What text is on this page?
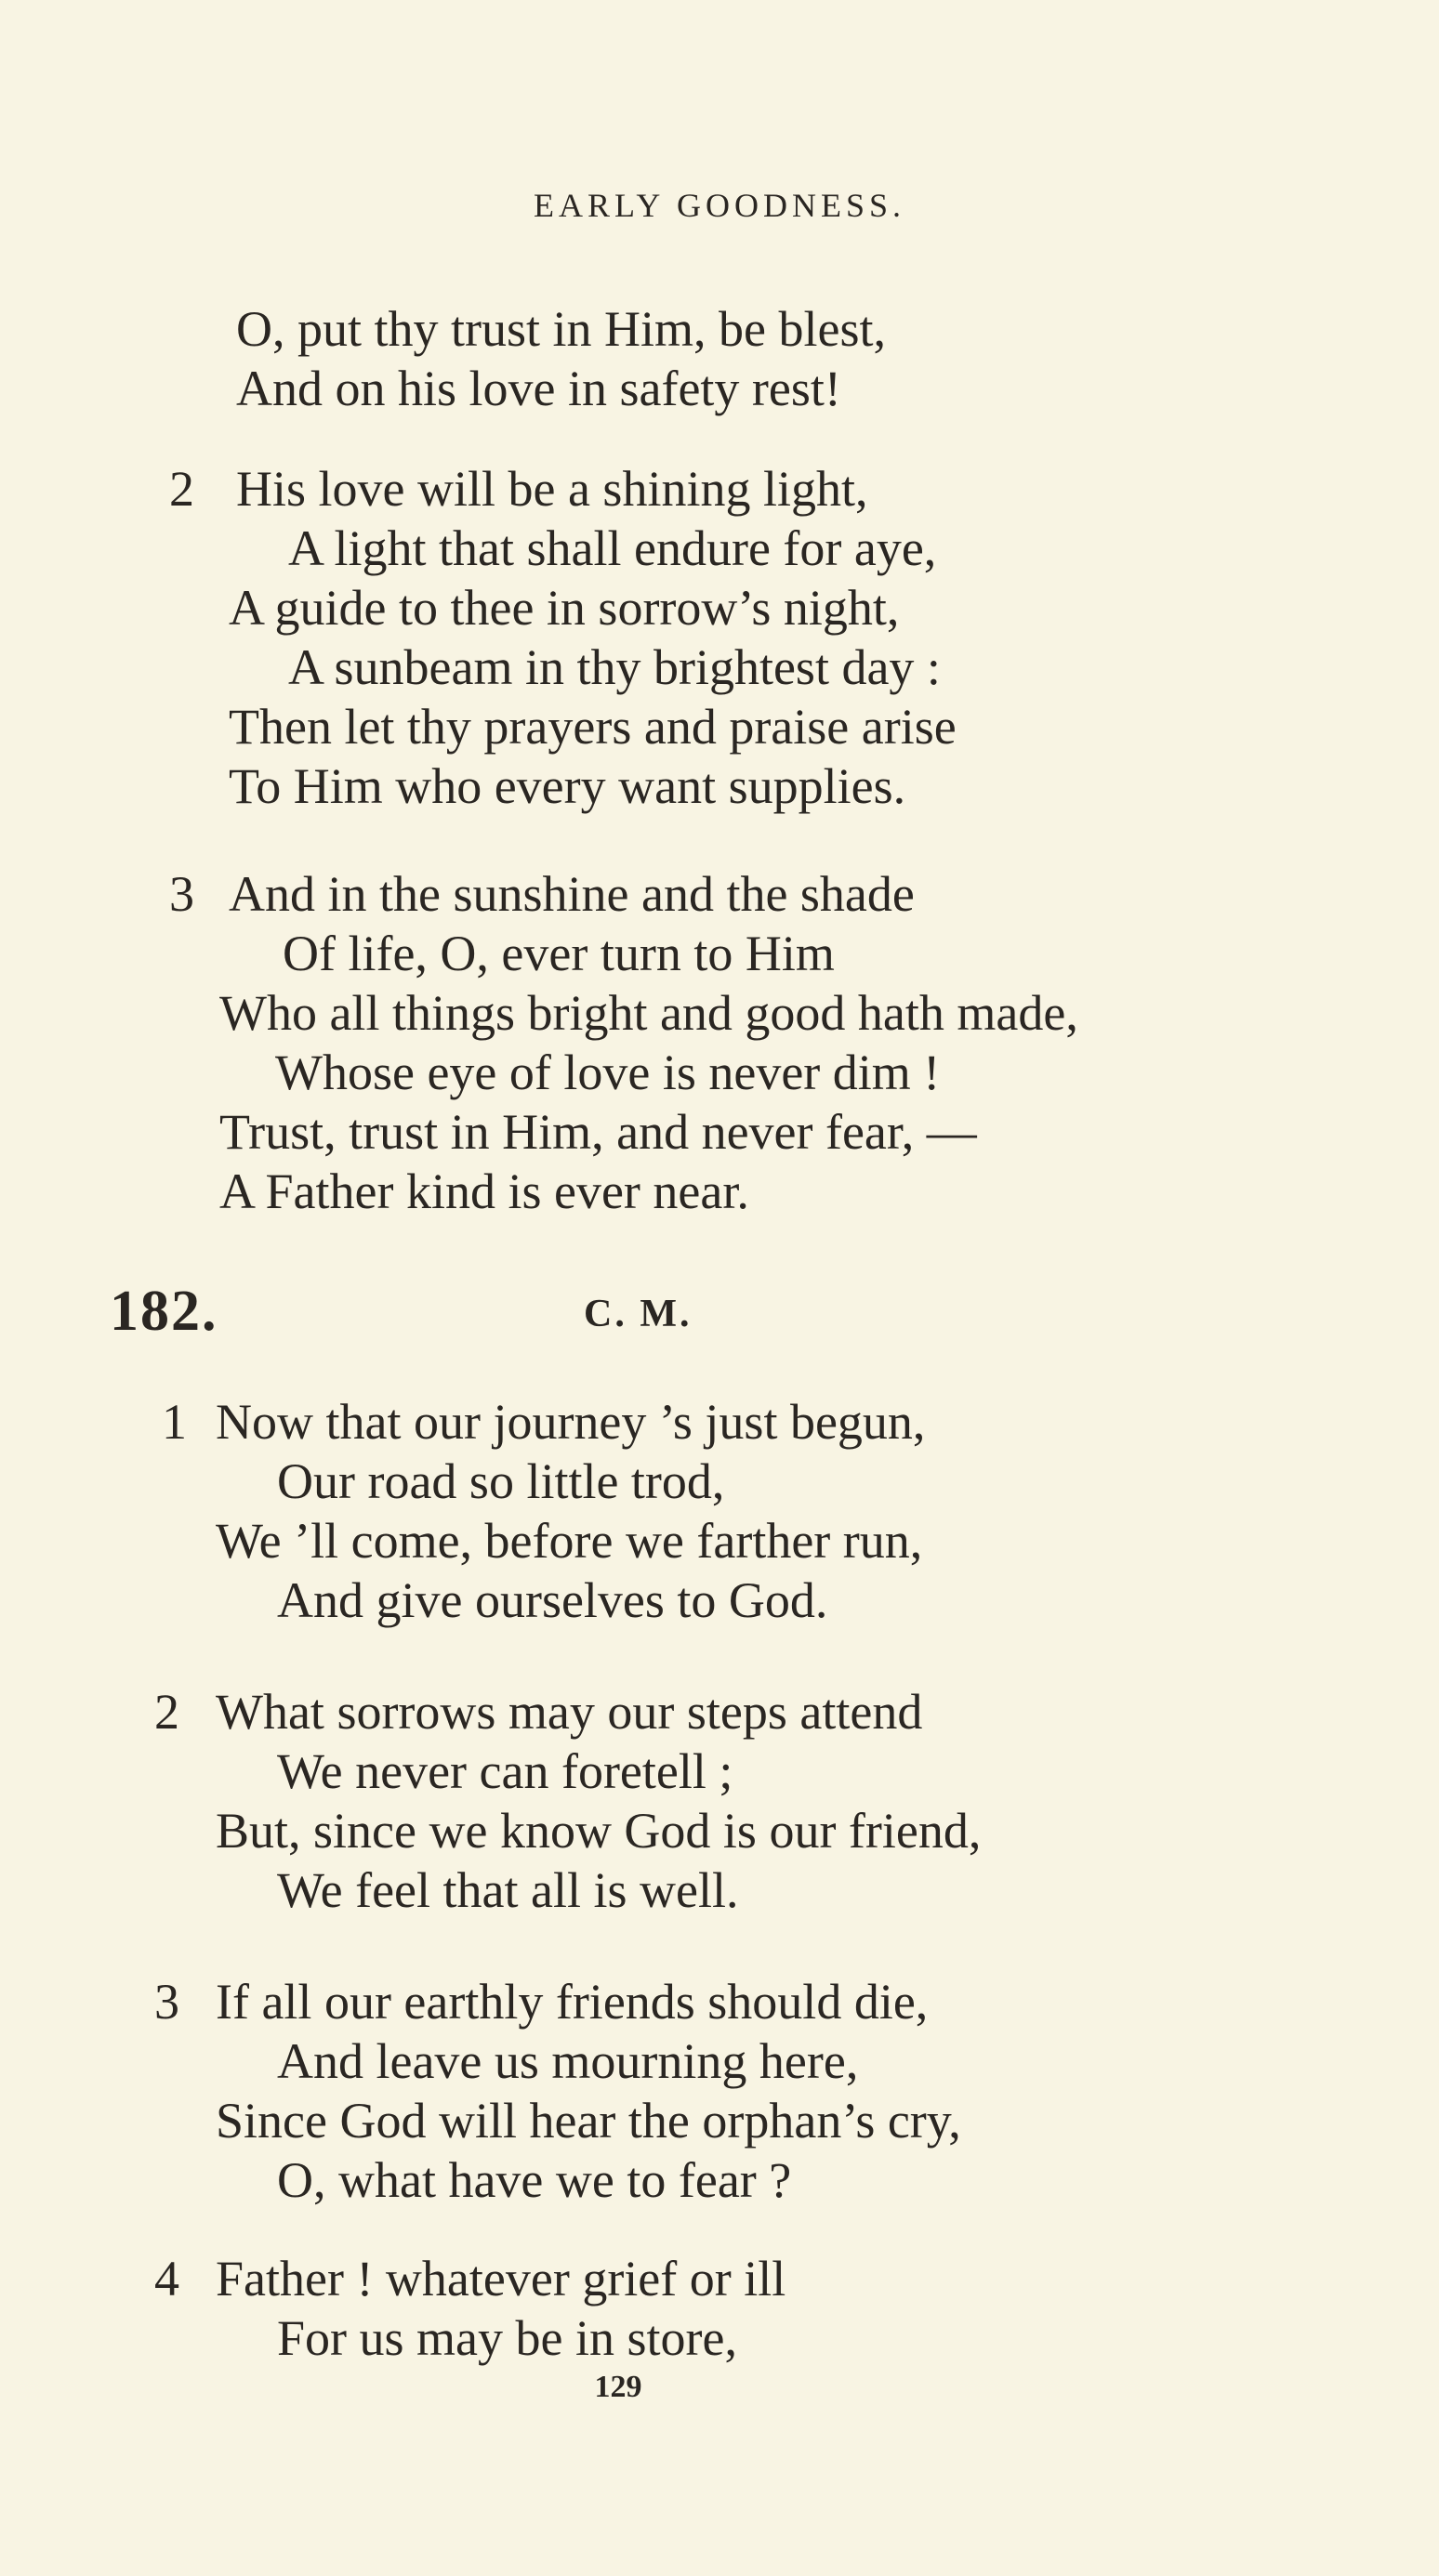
EARLY GOODNESS.
O, put thy trust in Him, be blest,
And on his love in safety rest!
2 His love will be a shining light,
A light that shall endure for aye,
A guide to thee in sorrow’s night,
A sunbeam in thy brightest day :
Then let thy prayers and praise arise
To Him who every want supplies.
3 And in the sunshine and the shade
Of life, O, ever turn to Him
Who all things bright and good hath made,
Whose eye of love is never dim !
Trust, trust in Him, and never fear, —
A Father kind is ever near.
182.	C. M.
1 Now that our journey ’s just begun,
Our road so little trod,
We ’ll come, before we farther run,
And give ourselves to God.
2 What sorrows may our steps attend
We never can foretell ;
But, since we know God is our friend,
We feel that all is well.
3 If all our earthly friends should die,
And leave us mourning here,
Since God will hear the orphan’s cry,
O, what have we to fear ?
4 Father ! whatever grief or ill
For us may be in store,
129
